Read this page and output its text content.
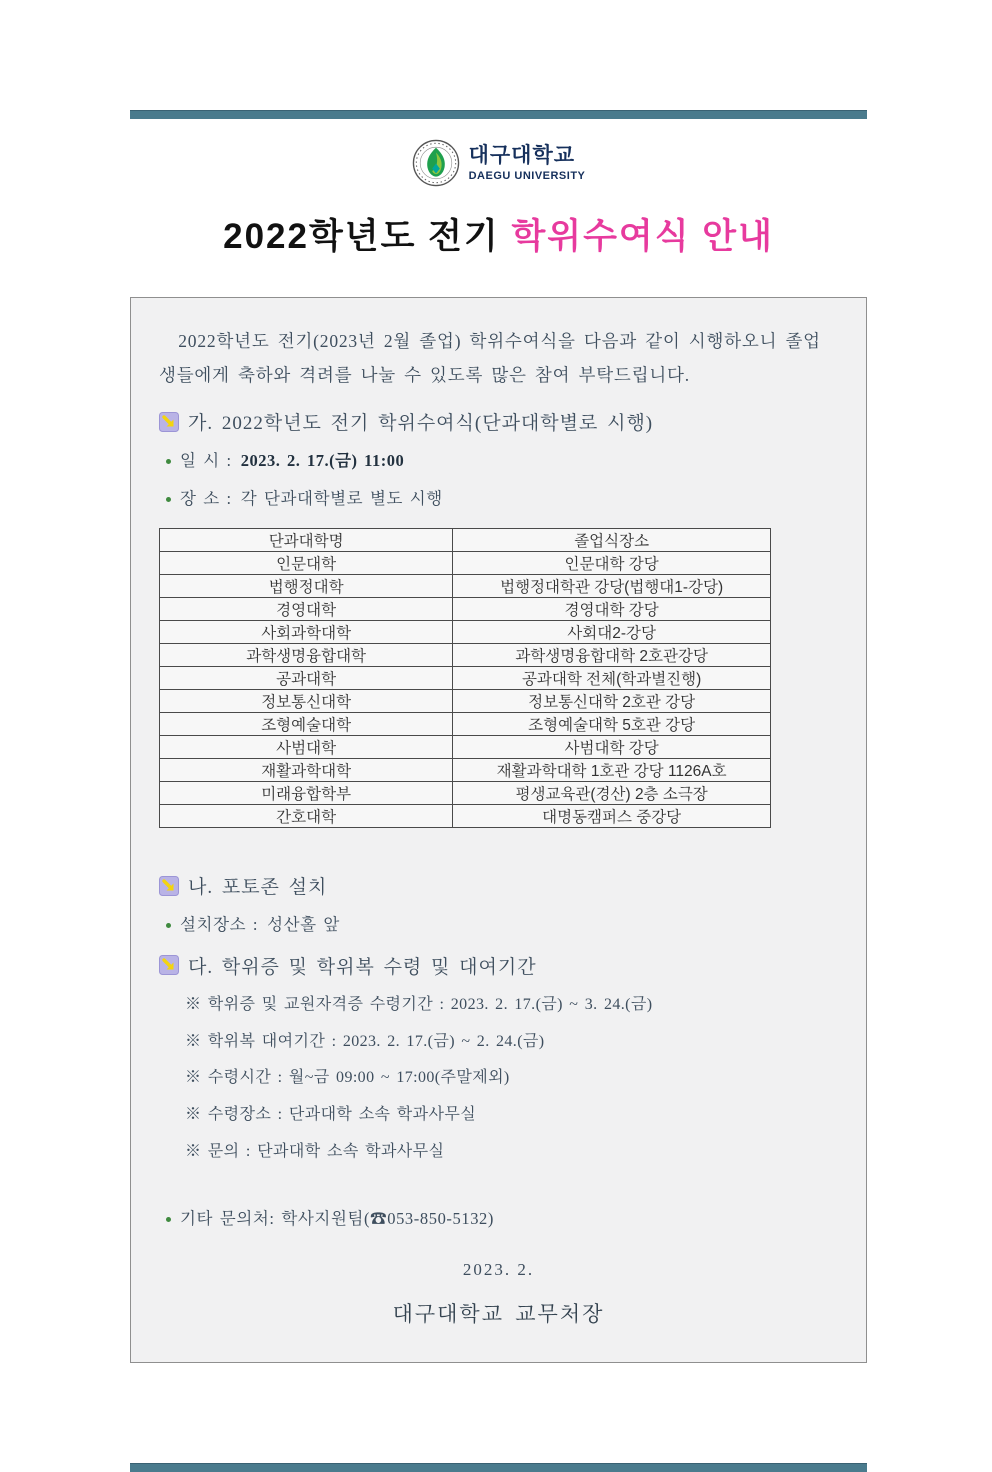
대구대학교
DAEGU UNIVERSITY
2022학년도 전기 학위수여식 안내

2022학년도 전기(2023년 2월 졸업) 학위수여식을 다음과 같이 시행하오니 졸업생들에게 축하와 격려를 나눌 수 있도록 많은 참여 부탁드립니다.

가. 2022학년도 전기 학위수여식(단과대학별로 시행)
일 시 : 2023. 2. 17.(금) 11:00
장 소 : 각 단과대학별로 별도 시행
단과대학명	졸업식장소
인문대학	인문대학 강당
법행정대학	법행정대학관 강당(법행대1-강당)
경영대학	경영대학 강당
사회과학대학	사회대2-강당
과학생명융합대학	과학생명융합대학 2호관강당
공과대학	공과대학 전체(학과별진행)
정보통신대학	정보통신대학 2호관 강당
조형예술대학	조형예술대학 5호관 강당
사범대학	사범대학 강당
재활과학대학	재활과학대학 1호관 강당 1126A호
미래융합학부	평생교육관(경산) 2층 소극장
간호대학	대명동캠퍼스 중강당
나. 포토존 설치
설치장소 : 성산홀 앞
다. 학위증 및 학위복 수령 및 대여기간
※ 학위증 및 교원자격증 수령기간 : 2023. 2. 17.(금) ~ 3. 24.(금)
※ 학위복 대여기간 : 2023. 2. 17.(금) ~ 2. 24.(금)
※ 수령시간 : 월~금 09:00 ~ 17:00(주말제외)
※ 수령장소 : 단과대학 소속 학과사무실
※ 문의 : 단과대학 소속 학과사무실
기타 문의처: 학사지원팀(☎053-850-5132)
2023. 2.
대구대학교 교무처장
